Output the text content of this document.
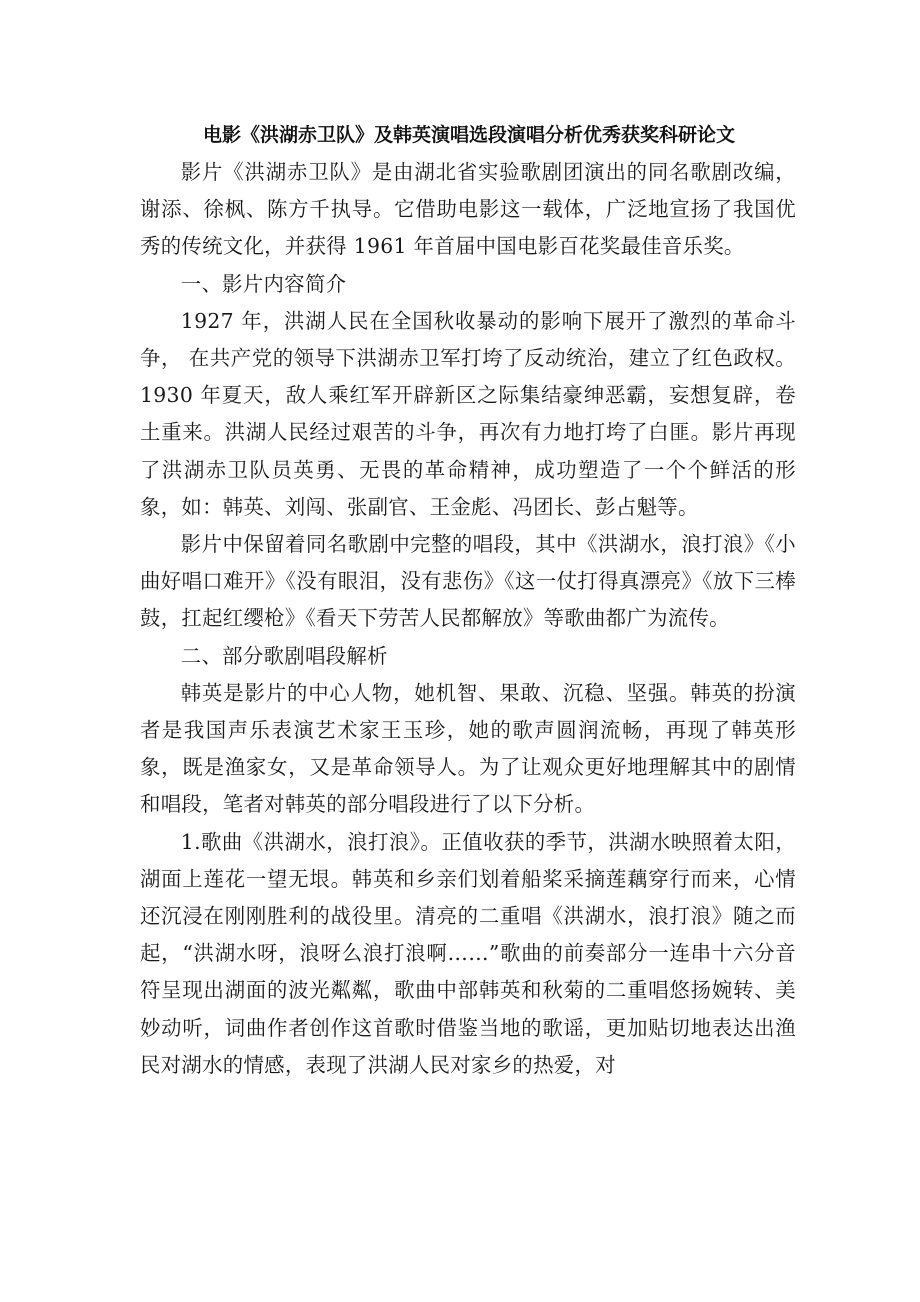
电影《洪湖赤卫队》及韩英演唱选段演唱分析优秀获奖科研论文

影片《洪湖赤卫队》是由湖北省实验歌剧团演出的同名歌剧改编，谢添、徐枫、陈方千执导。它借助电影这一载体，广泛地宣扬了我国优秀的传统文化，并获得 1961 年首届中国电影百花奖最佳音乐奖。

一、影片内容简介

1927 年，洪湖人民在全国秋收暴动的影响下展开了激烈的革命斗争， 在共产党的领导下洪湖赤卫军打垮了反动统治，建立了红色政权。1930 年夏天，敌人乘红军开辟新区之际集结豪绅恶霸，妄想复辟，卷土重来。洪湖人民经过艰苦的斗争，再次有力地打垮了白匪。影片再现了洪湖赤卫队员英勇、无畏的革命精神，成功塑造了一个个鲜活的形象，如：韩英、刘闯、张副官、王金彪、冯团长、彭占魁等。

影片中保留着同名歌剧中完整的唱段，其中《洪湖水，浪打浪》《小曲好唱口难开》《没有眼泪，没有悲伤》《这一仗打得真漂亮》《放下三棒鼓，扛起红缨枪》《看天下劳苦人民都解放》等歌曲都广为流传。

二、部分歌剧唱段解析

韩英是影片的中心人物，她机智、果敢、沉稳、坚强。韩英的扮演者是我国声乐表演艺术家王玉珍，她的歌声圆润流畅，再现了韩英形象，既是渔家女，又是革命领导人。为了让观众更好地理解其中的剧情和唱段，笔者对韩英的部分唱段进行了以下分析。

1.歌曲《洪湖水，浪打浪》。正值收获的季节，洪湖水映照着太阳，湖面上莲花一望无垠。韩英和乡亲们划着船桨采摘莲藕穿行而来，心情还沉浸在刚刚胜利的战役里。清亮的二重唱《洪湖水，浪打浪》随之而起，“洪湖水呀，浪呀么浪打浪啊……”歌曲的前奏部分一连串十六分音符呈现出湖面的波光粼粼，歌曲中部韩英和秋菊的二重唱悠扬婉转、美妙动听，词曲作者创作这首歌时借鉴当地的歌谣，更加贴切地表达出渔民对湖水的情感，表现了洪湖人民对家乡的热爱，对
